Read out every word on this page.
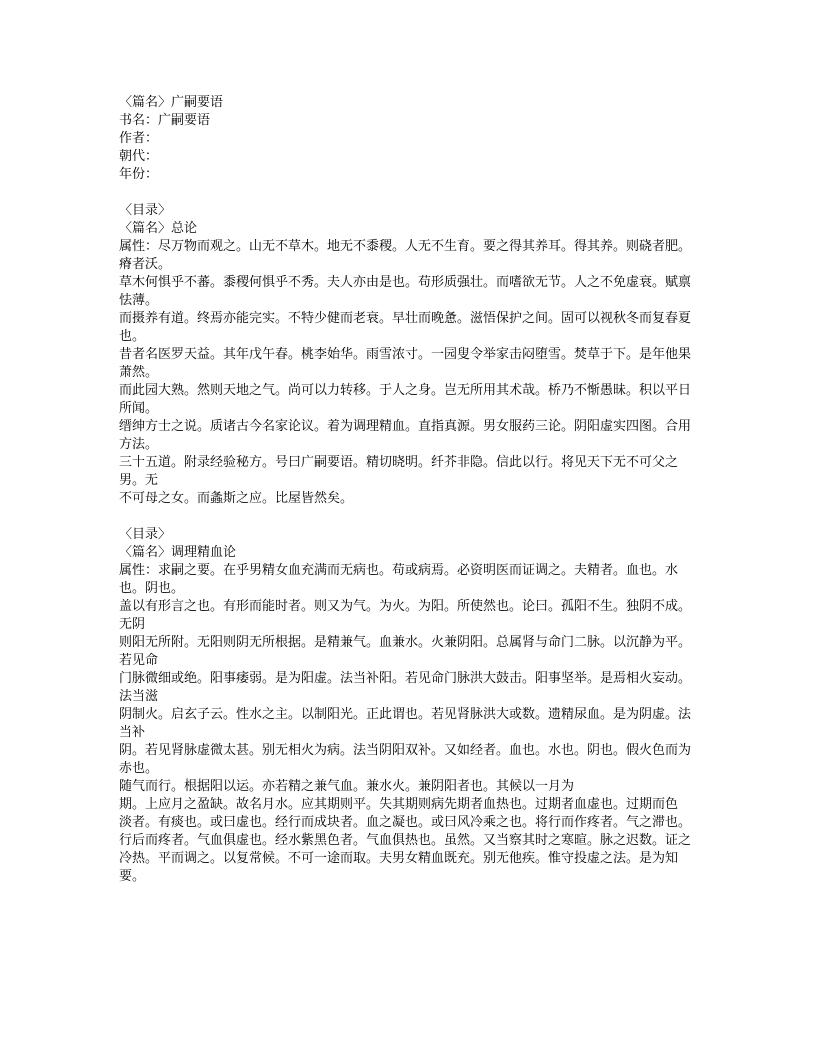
〈篇名〉广嗣要语
书名：广嗣要语
作者：
朝代：
年份：
〈目录〉
〈篇名〉总论
属性：尽万物而观之。山无不草木。地无不黍稷。人无不生育。要之得其养耳。得其养。则硗者肥。瘠者沃。
草木何惧乎不蕃。黍稷何惧乎不秀。夫人亦由是也。苟形质强壮。而嗜欲无节。人之不免虚衰。赋禀怯薄。
而摄养有道。终焉亦能完实。不特少健而老衰。早壮而晚惫。滋悟保护之间。固可以视秋冬而复春夏也。
昔者名医罗天益。其年戊午春。桃李始华。雨雪浓寸。一园叟令举家击闷堕雪。焚草于下。是年他果萧然。
而此园大熟。然则天地之气。尚可以力转移。于人之身。岂无所用其术哉。桥乃不惭愚昧。积以平日所闻。
缙绅方士之说。质诸古今名家论议。着为调理精血。直指真源。男女服药三论。阴阳虚实四图。合用方法。
三十五道。附录经验秘方。号曰广嗣要语。精切晓明。纤芥非隐。信此以行。将见天下无不可父之男。无
不可母之女。而螽斯之应。比屋皆然矣。
〈目录〉
〈篇名〉调理精血论
属性：求嗣之要。在乎男精女血充满而无病也。苟或病焉。必资明医而证调之。夫精者。血也。水也。阴也。
盖以有形言之也。有形而能时者。则又为气。为火。为阳。所使然也。论曰。孤阳不生。独阴不成。无阴
则阳无所附。无阳则阴无所根据。是精兼气。血兼水。火兼阴阳。总属肾与命门二脉。以沉静为平。若见命
门脉微细或绝。阳事痿弱。是为阳虚。法当补阳。若见命门脉洪大鼓击。阳事坚举。是焉相火妄动。法当滋
阴制火。启玄子云。性水之主。以制阳光。正此谓也。若见肾脉洪大或数。遗精尿血。是为阴虚。法当补
阴。若见肾脉虚微太甚。别无相火为病。法当阴阳双补。又如经者。血也。水也。阴也。假火色而为赤也。
随气而行。根据阳以运。亦若精之兼气血。兼水火。兼阴阳者也。其候以一月为
期。上应月之盈缺。故名月水。应其期则平。失其期则病先期者血热也。过期者血虚也。过期而色
淡者。有痰也。或曰虚也。经行而成块者。血之凝也。或曰风冷乘之也。将行而作疼者。气之滞也。
行后而疼者。气血俱虚也。经水紫黑色者。气血俱热也。虽然。又当察其时之寒暄。脉之迟数。证之
冷热。平而调之。以复常候。不可一途而取。夫男女精血既充。别无他疾。惟守投虚之法。是为知要。
